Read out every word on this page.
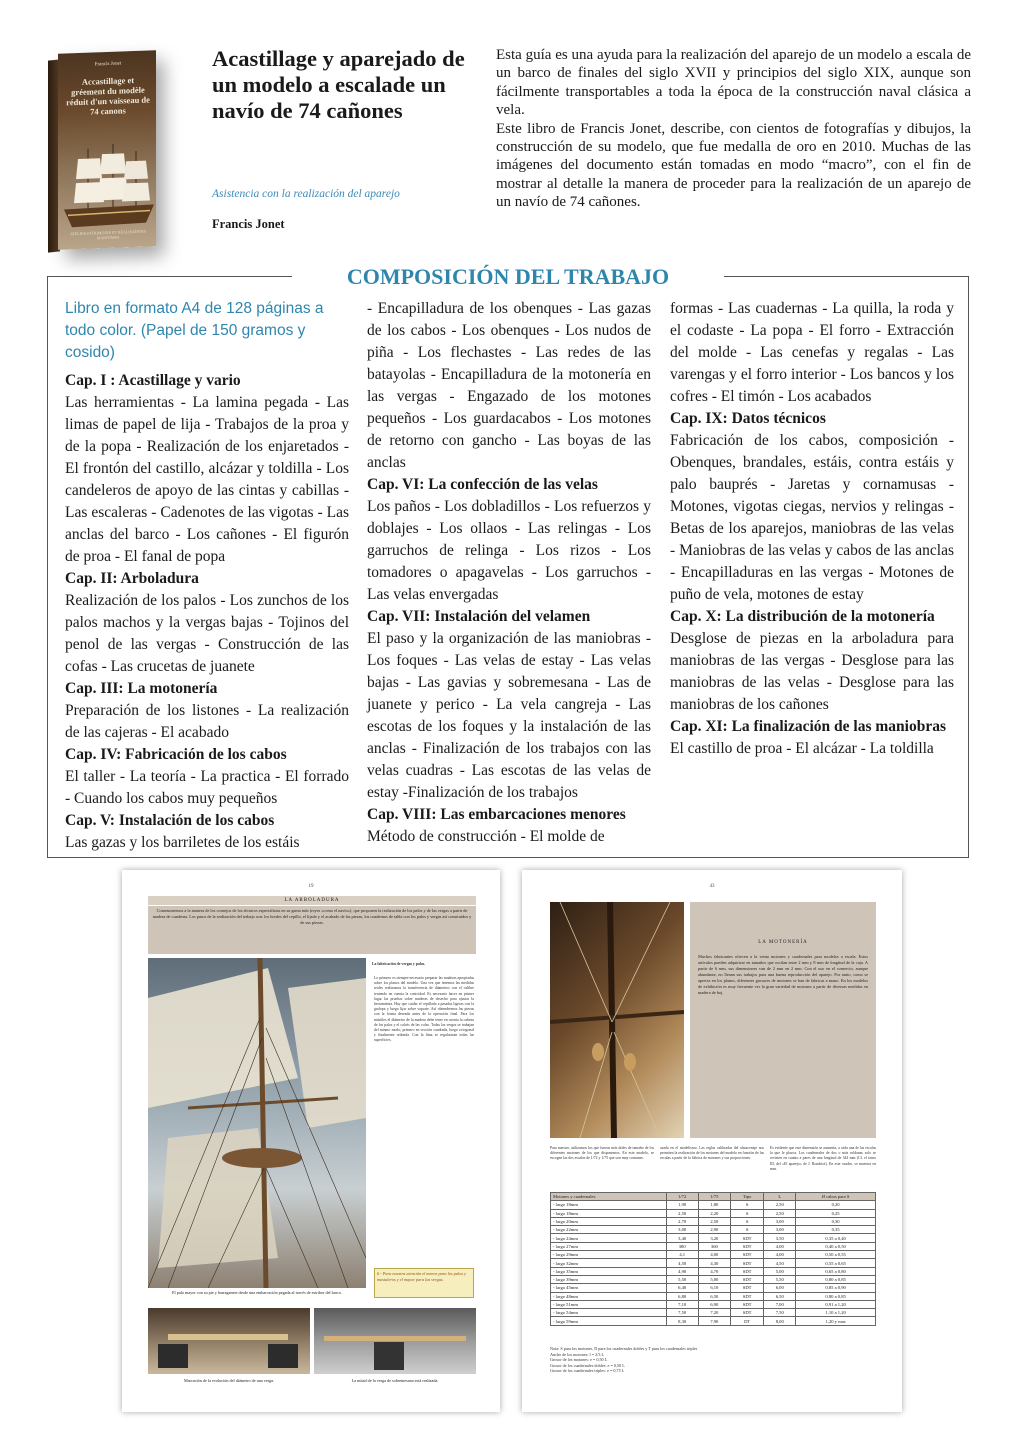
Francis Jonet
Accastillage et gréement du modèle réduit d'un vaisseau de 74 canons
ATELIER PATRIMOINE ET RÉALISATIONS MARITIMES
Acastillage y aparejado de un modelo a escalade un navío de 74 cañones
Asistencia con la realización del aparejo
Francis Jonet

Esta guía es una ayuda para la realización del aparejo de un modelo a escala de un barco de finales del siglo XVII y principios del siglo XIX, aunque son fácilmente transportables a toda la época de la construcción naval clásica a vela.

Este libro de Francis Jonet, describe, con cientos de fotografías y dibujos, la construcción de su modelo, que fue medalla de oro en 2010. Muchas de las imágenes del documento están tomadas en modo “macro”, con el fin de mostrar al detalle la manera de proceder para la realización de un aparejo de un navío de 74 cañones.

COMPOSICIÓN DEL TRABAJO

Libro en formato A4 de 128 páginas a todo color. (Papel de 150 gramos y cosido)

Cap. I : Acastillage y vario

Las herramientas - La lamina pegada - Las limas de papel de lija - Trabajos de la proa y de la popa - Realización de los enjaretados - El frontón del castillo, alcázar y toldilla - Los candeleros de apoyo de las cintas y cabillas - Las escaleras - Cadenotes de las vigotas - Las anclas del barco - Los cañones - El figurón de proa - El fanal de popa

Cap. II: Arboladura

Realización de los palos - Los zunchos de los palos machos y la vergas bajas - Tojinos del penol de las vergas - Construcción de las cofas - Las crucetas de juanete

Cap. III: La motonería

Preparación de los listones - La realización de las cajeras - El acabado

Cap. IV: Fabricación de los cabos

El taller - La teoría - La practica - El forrado - Cuando los cabos muy pequeños

Cap. V: Instalación de los cabos

Las gazas y los barriletes de los estáis

- Encapilladura de los obenques - Las gazas de los cabos - Los obenques - Los nudos de piña - Los flechastes - Las redes de las batayolas - Encapilladura de la motonería en las vergas - Engazado de los motones pequeños - Los guardacabos - Los motones de retorno con gancho - Las boyas de las anclas

Cap. VI: La confección de las velas

Los paños - Los dobladillos - Los refuerzos y doblajes - Los ollaos - Las relingas - Los garruchos de relinga - Los rizos - Los tomadores o apagavelas - Los garruchos - Las velas envergadas

Cap. VII: Instalación del velamen

El paso y la organización de las maniobras - Los foques - Las velas de estay - Las velas bajas - Las gavias y sobremesana - Las de juanete y perico - La vela cangreja - Las escotas de los foques y la instalación de las anclas - Finalización de los trabajos con las velas cuadras - Las escotas de las velas de estay -Finalización de los trabajos

Cap. VIII: Las embarcaciones menores

Método de construcción - El molde de

formas - Las cuadernas - La quilla, la roda y el codaste - La popa - El forro - Extracción del molde - Las cenefas y regalas - Las varengas y el forro interior - Los bancos y los cofres - El timón - Los acabados

Cap. IX: Datos técnicos

Fabricación de los cabos, composición - Obenques, brandales, estáis, contra estáis y palo bauprés - Jaretas y cornamusas - Motones, vigotas ciegas, nervios y relingas - Betas de los aparejos, maniobras de las velas - Maniobras de las velas y cabos de las anclas - Encapilladuras en las vergas - Motones de puño de vela, motones de estay

Cap. X: La distribución de la motonería

Desglose de piezas en la arboladura para maniobras de las vergas - Desglose para las maniobras de las velas - Desglose para las maniobras de los cañones

Cap. XI: La finalización de las maniobras

El castillo de proa - El alcázar - La toldilla

19
LA ARBOLADURA
Comenzaremos a la manera de los consejos de los técnicos especialistas en su gama más (reyes «como el navío»), que proponen la realización de los palos y de las vergas a partir de madera de cuaderna. Los pasos de la realización del trabajo son: los bordes del cepillo, el lijado y el acabado de las piezas, los cuadernos de tabla con los palos y vergas así construidos y de sus piezas.
El palo mayor con su pie y barraganete desde una embarcación pegada al través de estribor del barco.
La fabricación de vergas y palos.
Lo primero es siempre necesario preparar las maderas apropiadas sobre los planos del modelo. Una vez que tenemos las medidas reales realizamos la transferencia de diámetros con el calibre teniendo en cuenta la conicidad. Es necesario hacer en primer lugar las pruebas sobre maderas de desecho para ajustar la herramienta. Hay que cuidar el cepillado a pasadas ligeras con la garlopa y luego lijar sobre soporte. Así obtendremos las piezas con la forma deseada antes de la operación final. Para los mástiles el diámetro de la madera debe tener en cuenta la cabeza de los palos y el calcés de las cofas. Todas las vergas se trabajan del mismo modo, primero en sección cuadrada, luego octogonal y finalmente redonda. Con la lima se regularizan todas las superficies.
6 - Para nuestra atención el menor para los palos y mastaleros y el mayor para las vergas.
Marcación de la evolución del diámetro de una verga.	La mitad de la verga de sobremesana está realizada.
43
LA MOTONERÍA
Muchos fabricantes ofrecen a la venta motones y cuadernales para modelos a escala. Estos artículos pueden adquirirse en tamaños que oscilan entre 2 mm y 8 mm de longitud de la caja. A partir de 6 mm, sus dimensiones van de 2 mm en 2 mm. Con el uso en el comercio, aunque abundante, no llenan sus trabajos para una buena reproducción del aparejo. Por tanto, como se aprecia en los planos, diferentes grosores de motones se han de fabricar a mano. En los modelos de exhibición es muy frecuente ver la gran variedad de motones a partir de diversas medidas en madera de boj.
Para nuestro, utilizamos los que fueron más útiles de tamaño de los diferentes motones de los que disponemos. En este modelo, se escogen las dos escalas de 1/72 y 1/75 que son muy comunes.
usada en el modelismo. Las reglas calibradas del almacenaje nos permiten la realización de los motones del modelo en función de las escalas a partir de la fábrica de motones y sus proporciones.
Es evidente que este dimensión se aumenta, a cada una de las escalas la que le plazca. Los cuadernales de dos o más roldanas solo se revisten en cuanto a pares de una longitud de 344 mm (Cf. el tomo III, del «El aparejo» de J. Boudriot). En este cuadro, se muestra en mm.
Motones y cuadernales	1/72	1/75	Tipo	L	Ø cabos para S
- largo 18mm	1,90	1,80	S	2,50	0,20
- largo 18mm	2,50	2,20	S	2,50	0,25
- largo 20mm	2,70	2,50	S	3,00	0,30
- largo 22mm	3,00	2,90	S	3,00	0,35
- largo 24mm	3,40	3,20	SDT	3,50	0,35 a 0,40
- largo 27mm	380	360	SDT	4,00	0,40 a 0,50
- largo 29mm	4,1	4,00	SDT	4,00	0,50 a 0,55
- largo 32mm	4,50	4,30	SDT	4,50	0,55 a 0,65
- largo 35mm	4,90	4,70	SDT	5,00	0,65 a 0,80
- largo 39mm	5,50	5,00	SDT	5,50	0,80 a 0,85
- largo 45mm	6,40	6,10	SDT	6,00	0,85 a 0,90
- largo 48mm	6,80	6,50	SDT	6,50	0,80 a 0,85
- largo 51mm	7,10	6,90	SDT	7,00	0,91 a 1,20
- largo 54mm	7,50	7,20	SDT	7,50	1,10 a 1,20
- largo 59mm	8,30	7,90	DT	8,00	1,20 y mas
Nota: S para los motones, D para los cuadernales dobles y T para los cuadernales triples
Ancho de los motones: l = 2/3 L
Grosor de los motones: e = 0,50 L
Grosor de los cuadernales dobles: e = 0,50 L
Grosor de los cuadernales triples: e = 0,75 L
